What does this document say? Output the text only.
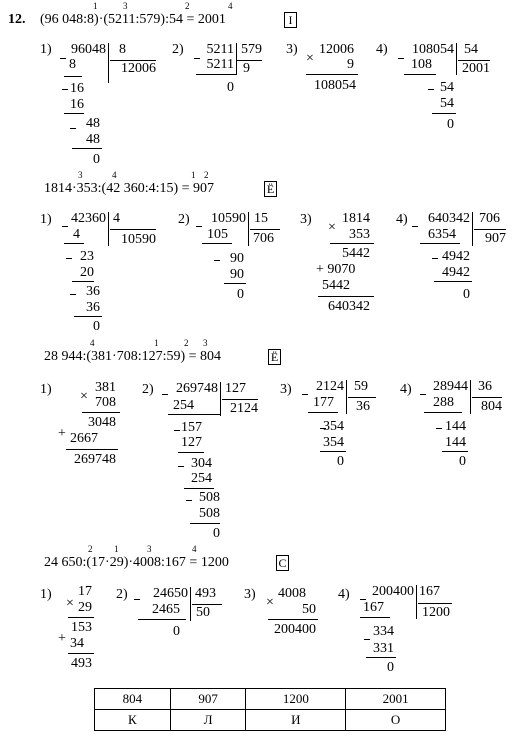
12. (96 048:8)·(5211:579):54 = 2001	І
1	3	2	4
1) 96048 8
12006
8
16
16
48
48
0
2) 5211 579
5211 9
0
3)
×
12006
9
108054
4) 108054 54
108 2001
54
54
0
1814·353:(42 360:4:15) = 907	Ë
3	4	1 2
1) 42360 4
4	10590
23
20
36
36
0
2) 10590 15
105 706
90
90
0
3)
×
1814
353
5442
+ 9070
5442
640342
4) 640342 706
6354 907
4942
4942
0
28 944:(381·708:127:59) = 804	Ë
4	1	2 3
1) ×
381
708
3048
+ 2667
269748
2) 269748 127
254	2124
157
127
304
254
508
508
0
3) 2124 59
177 36
354
354
0
4) 28944 36
288 804
144
144
0
24 650:(17·29)·4008:167 = 1200	С
2 1	3	4
1)
×
17
29
+
153
34
493
2) 24650 493
2465 50
0
3)
×
4008
50
200400
4) 200400 167
167	1200
334
331
0
804	907	1200	2001
К	Л	И	О
